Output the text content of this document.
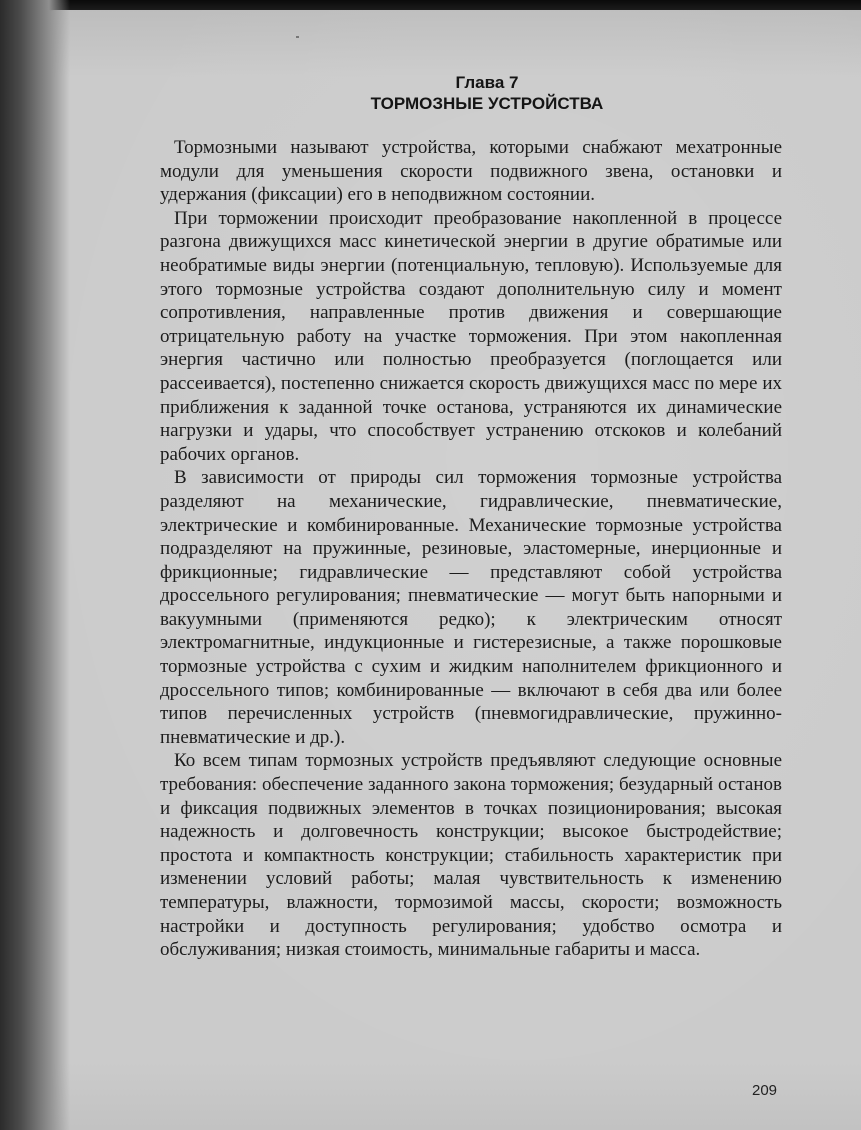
Глава 7
ТОРМОЗНЫЕ УСТРОЙСТВА

Тормозными называют устройства, которыми снабжают мехатронные модули для уменьшения скорости подвижного звена, остановки и удержания (фиксации) его в неподвижном состоянии.

При торможении происходит преобразование накопленной в процессе разгона движущихся масс кинетической энергии в другие обратимые или необратимые виды энергии (потенциальную, тепловую). Используемые для этого тормозные устройства создают дополнительную силу и момент сопротивления, направленные против движения и совершающие отрицательную работу на участке торможения. При этом накопленная энергия частично или полностью преобразуется (поглощается или рассеивается), постепенно снижается скорость движущихся масс по мере их приближения к заданной точке останова, устраняются их динамические нагрузки и удары, что способствует устранению отскоков и колебаний рабочих органов.

В зависимости от природы сил торможения тормозные устройства разделяют на механические, гидравлические, пневматические, электрические и комбинированные. Механические тормозные устройства подразделяют на пружинные, резиновые, эластомерные, инерционные и фрикционные; гидравлические — представляют собой устройства дроссельного регулирования; пневматические — могут быть напорными и вакуумными (применяются редко); к электрическим относят электромагнитные, индукционные и гистерезисные, а также порошковые тормозные устройства с сухим и жидким наполнителем фрикционного и дроссельного типов; комбинированные — включают в себя два или более типов перечисленных устройств (пневмогидравлические, пружинно-пневматические и др.).

Ко всем типам тормозных устройств предъявляют следующие основные требования: обеспечение заданного закона торможения; безударный останов и фиксация подвижных элементов в точках позиционирования; высокая надежность и долговечность конструкции; высокое быстродействие; простота и компактность конструкции; стабильность характеристик при изменении условий работы; малая чувствительность к изменению температуры, влажности, тормозимой массы, скорости; возможность настройки и доступность регулирования; удобство осмотра и обслуживания; низкая стоимость, минимальные габариты и масса.

209
